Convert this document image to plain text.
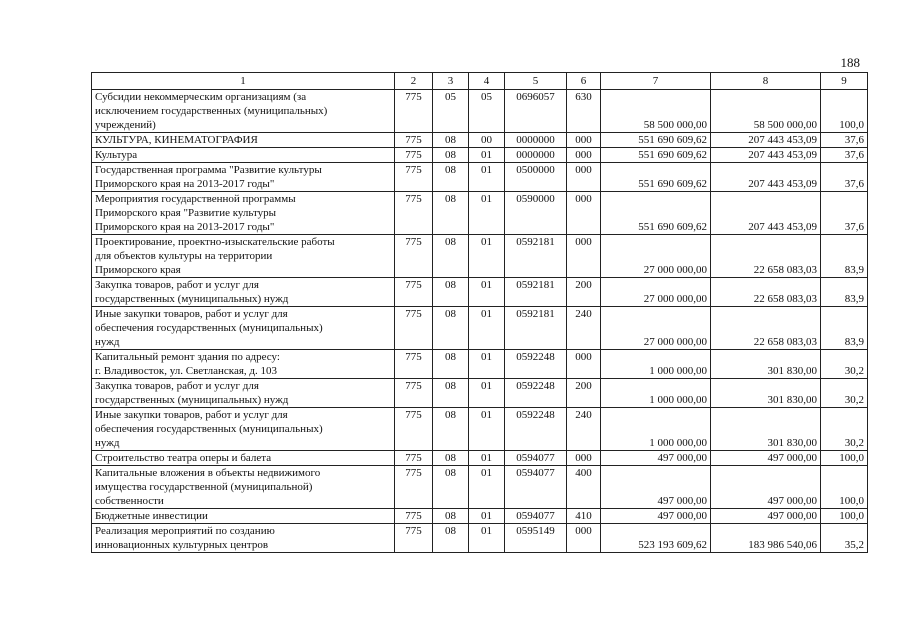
188
1	2	3	4	5	6	7	8	9
Субсидии некоммерческим организациям (за
исключением государственных (муниципальных)
учреждений)	775	05	05	0696057	630	58 500 000,00	58 500 000,00	100,0
КУЛЬТУРА, КИНЕМАТОГРАФИЯ	775	08	00	0000000	000	551 690 609,62	207 443 453,09	37,6
Культура	775	08	01	0000000	000	551 690 609,62	207 443 453,09	37,6
Государственная программа "Развитие культуры
Приморского края на 2013-2017 годы"	775	08	01	0500000	000	551 690 609,62	207 443 453,09	37,6
Мероприятия государственной программы
Приморского края "Развитие культуры
Приморского края на 2013-2017 годы"	775	08	01	0590000	000	551 690 609,62	207 443 453,09	37,6
Проектирование, проектно-изыскательские работы
для объектов культуры на территории
Приморского края	775	08	01	0592181	000	27 000 000,00	22 658 083,03	83,9
Закупка товаров, работ и услуг для
государственных (муниципальных) нужд	775	08	01	0592181	200	27 000 000,00	22 658 083,03	83,9
Иные закупки товаров, работ и услуг для
обеспечения государственных (муниципальных)
нужд	775	08	01	0592181	240	27 000 000,00	22 658 083,03	83,9
Капитальный ремонт здания по адресу:
г. Владивосток, ул. Светланская, д. 103	775	08	01	0592248	000	1 000 000,00	301 830,00	30,2
Закупка товаров, работ и услуг для
государственных (муниципальных) нужд	775	08	01	0592248	200	1 000 000,00	301 830,00	30,2
Иные закупки товаров, работ и услуг для
обеспечения государственных (муниципальных)
нужд	775	08	01	0592248	240	1 000 000,00	301 830,00	30,2
Строительство театра оперы и балета	775	08	01	0594077	000	497 000,00	497 000,00	100,0
Капитальные вложения в объекты недвижимого
имущества государственной (муниципальной)
собственности	775	08	01	0594077	400	497 000,00	497 000,00	100,0
Бюджетные инвестиции	775	08	01	0594077	410	497 000,00	497 000,00	100,0
Реализация мероприятий по созданию
инновационных культурных центров	775	08	01	0595149	000	523 193 609,62	183 986 540,06	35,2
